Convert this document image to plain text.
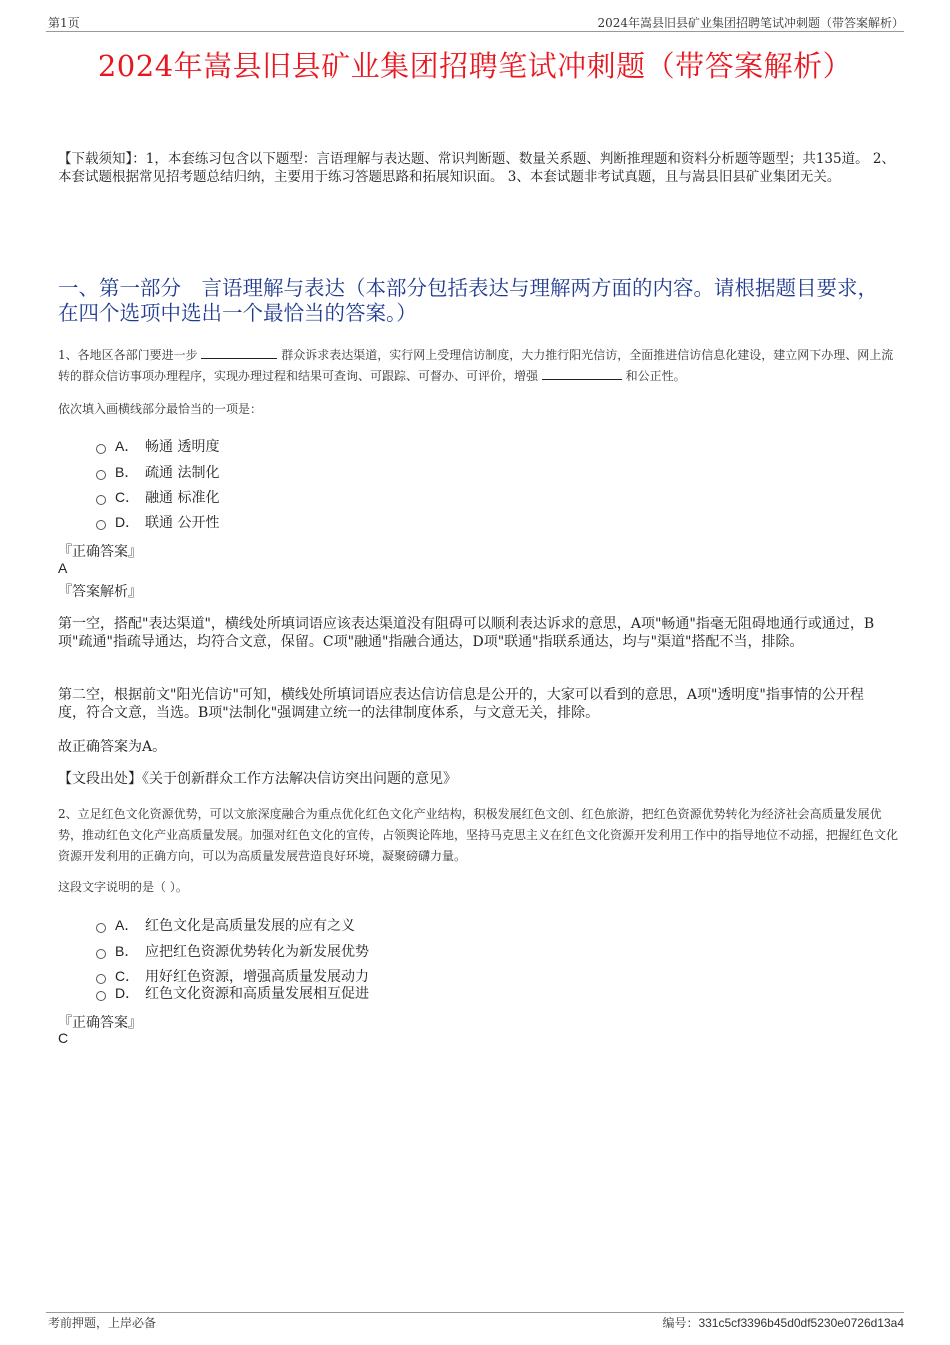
第1页	2024年嵩县旧县矿业集团招聘笔试冲刺题（带答案解析）
2024年嵩县旧县矿业集团招聘笔试冲刺题（带答案解析）
【下载须知】：1，本套练习包含以下题型：言语理解与表达题、常识判断题、数量关系题、判断推理题和资料分析题等题型；共135道。 2、本套试题根据常见招考题总结归纳，主要用于练习答题思路和拓展知识面。 3、本套试题非考试真题，且与嵩县旧县矿业集团无关。
一、第一部分　言语理解与表达（本部分包括表达与理解两方面的内容。请根据题目要求，在四个选项中选出一个最恰当的答案。）
1、各地区各部门要进一步	群众诉求表达渠道，实行网上受理信访制度，大力推行阳光信访，全面推进信访信息化建设，建立网下办理、网上流转的群众信访事项办理程序，实现办理过程和结果可查询、可跟踪、可督办、可评价，增强	和公正性。
依次填入画横线部分最恰当的一项是：
A． 畅通 透明度
B． 疏通 法制化
C． 融通 标准化
D． 联通 公开性
『正确答案』
A
『答案解析』
第一空，搭配"表达渠道"，横线处所填词语应该表达渠道没有阻碍可以顺利表达诉求的意思，A项"畅通"指毫无阻碍地通行或通过，B项"疏通"指疏导通达，均符合文意，保留。C项"融通"指融合通达，D项"联通"指联系通达，均与"渠道"搭配不当，排除。
第二空，根据前文"阳光信访"可知，横线处所填词语应表达信访信息是公开的，大家可以看到的意思，A项"透明度"指事情的公开程度，符合文意，当选。B项"法制化"强调建立统一的法律制度体系，与文意无关，排除。
故正确答案为A。
【文段出处】《关于创新群众工作方法解决信访突出问题的意见》
2、立足红色文化资源优势，可以文旅深度融合为重点优化红色文化产业结构，积极发展红色文创、红色旅游，把红色资源优势转化为经济社会高质量发展优势，推动红色文化产业高质量发展。加强对红色文化的宣传，占领舆论阵地，坚持马克思主义在红色文化资源开发利用工作中的指导地位不动摇，把握红色文化资源开发利用的正确方向，可以为高质量发展营造良好环境，凝聚磅礴力量。
这段文字说明的是（ ）。
A． 红色文化是高质量发展的应有之义
B． 应把红色资源优势转化为新发展优势
C． 用好红色资源，增强高质量发展动力
D． 红色文化资源和高质量发展相互促进
『正确答案』
C
考前押题，上岸必备	编号：331c5cf3396b45d0df5230e0726d13a4
